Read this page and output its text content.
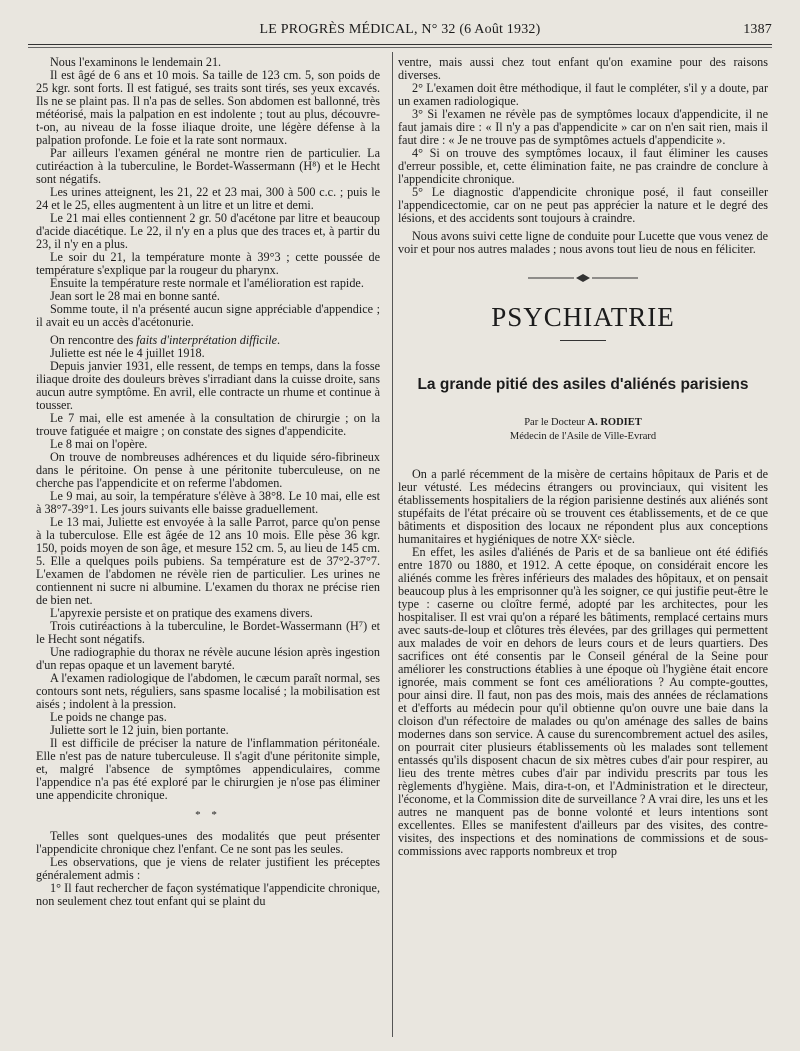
LE PROGRÈS MÉDICAL, N° 32 (6 Août 1932)	1387

Nous l'examinons le lendemain 21.

Il est âgé de 6 ans et 10 mois. Sa taille de 123 cm. 5, son poids de 25 kgr. sont forts. Il est fatigué, ses traits sont tirés, ses yeux excavés. Ils ne se plaint pas. Il n'a pas de selles. Son abdomen est ballonné, très météorisé, mais la palpation en est indolente ; tout au plus, découvre-t-on, au niveau de la fosse iliaque droite, une légère défense à la palpation profonde. Le foie et la rate sont normaux.

Par ailleurs l'examen général ne montre rien de particulier. La cutiréaction à la tuberculine, le Bordet-Wassermann (H⁸) et le Hecht sont négatifs.

Les urines atteignent, les 21, 22 et 23 mai, 300 à 500 c.c. ; puis le 24 et le 25, elles augmentent à un litre et un litre et demi.

Le 21 mai elles contiennent 2 gr. 50 d'acétone par litre et beaucoup d'acide diacétique. Le 22, il n'y en a plus que des traces et, à partir du 23, il n'y en a plus.

Le soir du 21, la température monte à 39°3 ; cette poussée de température s'explique par la rougeur du pharynx.

Ensuite la température reste normale et l'amélioration est rapide.

Jean sort le 28 mai en bonne santé.

Somme toute, il n'a présenté aucun signe appréciable d'appendice ; il avait eu un accès d'acétonurie.

On rencontre des faits d'interprétation difficile.

Juliette est née le 4 juillet 1918.

Depuis janvier 1931, elle ressent, de temps en temps, dans la fosse iliaque droite des douleurs brèves s'irradiant dans la cuisse droite, sans aucun autre symptôme. En avril, elle contracte un rhume et continue à tousser.

Le 7 mai, elle est amenée à la consultation de chirurgie ; on la trouve fatiguée et maigre ; on constate des signes d'appendicite.

Le 8 mai on l'opère.

On trouve de nombreuses adhérences et du liquide séro-fibrineux dans le péritoine. On pense à une péritonite tuberculeuse, on ne cherche pas l'appendicite et on referme l'abdomen.

Le 9 mai, au soir, la température s'élève à 38°8. Le 10 mai, elle est à 38°7-39°1. Les jours suivants elle baisse graduellement.

Le 13 mai, Juliette est envoyée à la salle Parrot, parce qu'on pense à la tuberculose. Elle est âgée de 12 ans 10 mois. Elle pèse 36 kgr. 150, poids moyen de son âge, et mesure 152 cm. 5, au lieu de 145 cm. 5. Elle a quelques poils pubiens. Sa température est de 37°2-37°7. L'examen de l'abdomen ne révèle rien de particulier. Les urines ne contiennent ni sucre ni albumine. L'examen du thorax ne précise rien de bien net.

L'apyrexie persiste et on pratique des examens divers.

Trois cutiréactions à la tuberculine, le Bordet-Wassermann (H⁷) et le Hecht sont négatifs.

Une radiographie du thorax ne révèle aucune lésion après ingestion d'un repas opaque et un lavement baryté.

A l'examen radiologique de l'abdomen, le cæcum paraît normal, ses contours sont nets, réguliers, sans spasme localisé ; la mobilisation est aisés ; indolent à la pression.

Le poids ne change pas.

Juliette sort le 12 juin, bien portante.

Il est difficile de préciser la nature de l'inflammation péritonéale. Elle n'est pas de nature tuberculeuse. Il s'agit d'une péritonite simple, et, malgré l'absence de symptômes appendiculaires, comme l'appendice n'a pas été exploré par le chirurgien je n'ose pas éliminer une appendicite chronique.

* *

Telles sont quelques-unes des modalités que peut présenter l'appendicite chronique chez l'enfant. Ce ne sont pas les seules.

Les observations, que je viens de relater justifient les préceptes généralement admis :

1° Il faut rechercher de façon systématique l'appendicite chronique, non seulement chez tout enfant qui se plaint du

ventre, mais aussi chez tout enfant qu'on examine pour des raisons diverses.

2° L'examen doit être méthodique, il faut le compléter, s'il y a doute, par un examen radiologique.

3° Si l'examen ne révèle pas de symptômes locaux d'appendicite, il ne faut jamais dire : « Il n'y a pas d'appendicite » car on n'en sait rien, mais il faut dire : « Je ne trouve pas de symptômes actuels d'appendicite ».

4° Si on trouve des symptômes locaux, il faut éliminer les causes d'erreur possible, et, cette élimination faite, ne pas craindre de conclure à l'appendicite chronique.

5° Le diagnostic d'appendicite chronique posé, il faut conseiller l'appendicectomie, car on ne peut pas apprécier la nature et le degré des lésions, et des accidents sont toujours à craindre.

Nous avons suivi cette ligne de conduite pour Lucette que vous venez de voir et pour nos autres malades ; nous avons tout lieu de nous en féliciter.

PSYCHIATRIE
La grande pitié des asiles d'aliénés parisiens
Par le Docteur A. RODIET
Médecin de l'Asile de Ville-Evrard

On a parlé récemment de la misère de certains hôpitaux de Paris et de leur vétusté. Les médecins étrangers ou provinciaux, qui visitent les établissements hospitaliers de la région parisienne destinés aux aliénés sont stupéfaits de l'état précaire où se trouvent ces établissements, et de ce que bâtiments et disposition des locaux ne répondent plus aux conceptions humanitaires et hygiéniques de notre XXᵉ siècle.

En effet, les asiles d'aliénés de Paris et de sa banlieue ont été édifiés entre 1870 ou 1880, et 1912. A cette époque, on considérait encore les aliénés comme les frères inférieurs des malades des hôpitaux, et on pensait beaucoup plus à les emprisonner qu'à les soigner, ce qui justifie peut-être le type : caserne ou cloître fermé, adopté par les architectes, pour les hospitaliser. Il est vrai qu'on a réparé les bâtiments, remplacé certains murs avec sauts-de-loup et clôtures très élevées, par des grillages qui permettent aux malades de voir en dehors de leurs cours et de leurs quartiers. Des sacrifices ont été consentis par le Conseil général de la Seine pour améliorer les constructions établies à une époque où l'hygiène était encore ignorée, mais comment se font ces améliorations ? Au compte-gouttes, pour ainsi dire. Il faut, non pas des mois, mais des années de réclamations et d'efforts au médecin pour qu'il obtienne qu'on ouvre une baie dans la cloison d'un réfectoire de malades ou qu'on aménage des salles de bains modernes dans son service. A cause du surencombrement actuel des asiles, on pourrait citer plusieurs établissements où les malades sont tellement entassés qu'ils disposent chacun de six mètres cubes d'air pour respirer, au lieu des trente mètres cubes d'air par individu prescrits par tous les règlements d'hygiène. Mais, dira-t-on, et l'Administration et le directeur, l'économe, et la Commission dite de surveillance ? A vrai dire, les uns et les autres ne manquent pas de bonne volonté et leurs intentions sont excellentes. Elles se manifestent d'ailleurs par des visites, des contre-visites, des inspections et des nominations de commissions et de sous-commissions avec rapports nombreux et trop
